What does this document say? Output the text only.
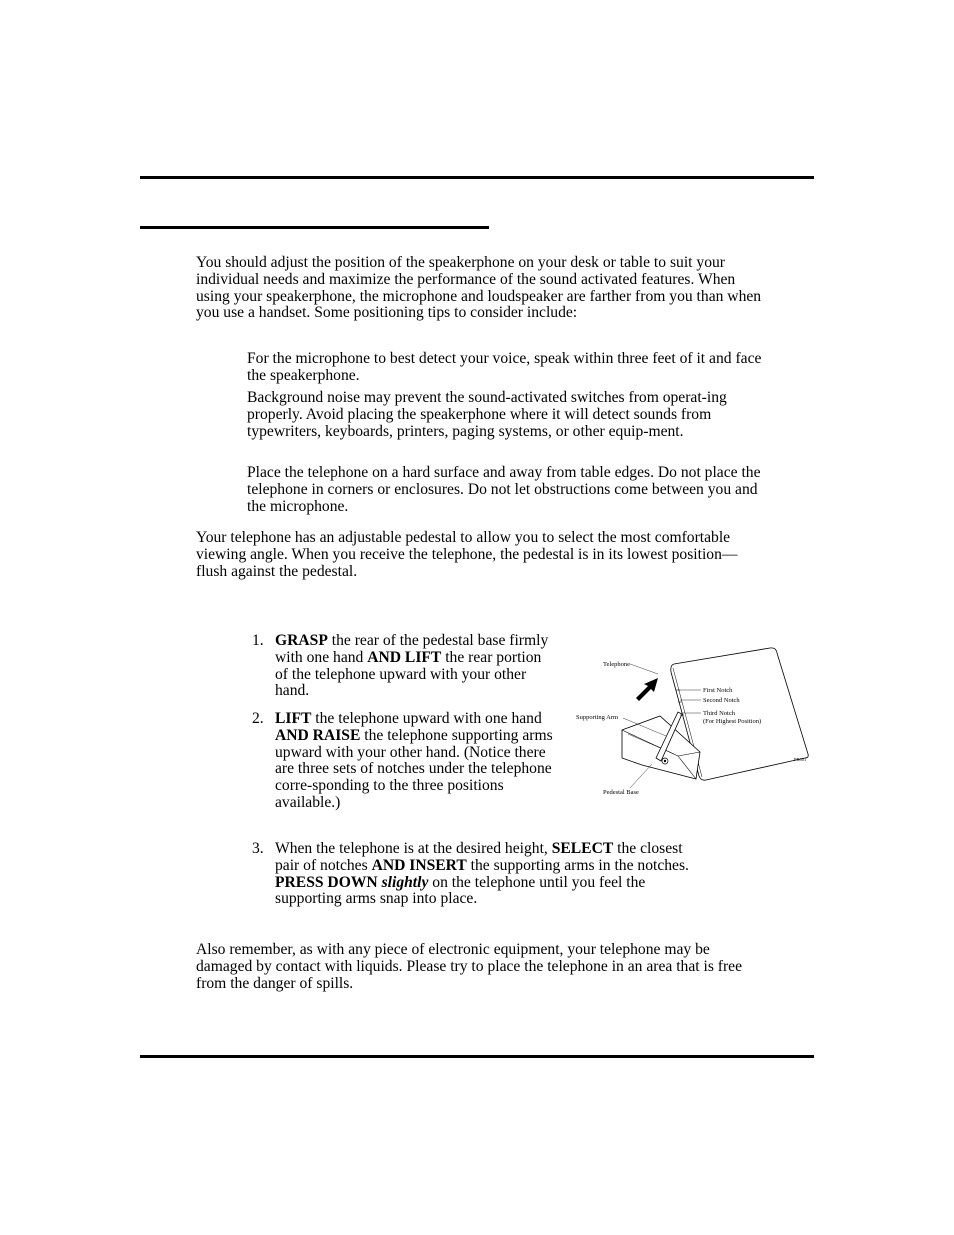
You should adjust the position of the speakerphone on your desk or table to suit your individual needs and maximize the performance of the sound activated features. When using your speakerphone, the microphone and loudspeaker are farther from you than when you use a handset. Some positioning tips to consider include:

For the microphone to best detect your voice, speak within three feet of it and face the speakerphone.

Background noise may prevent the sound-activated switches from operat-ing properly. Avoid placing the speakerphone where it will detect sounds from typewriters, keyboards, printers, paging systems, or other equip-ment.

Place the telephone on a hard surface and away from table edges. Do not place the telephone in corners or enclosures. Do not let obstructions come between you and the microphone.

Your telephone has an adjustable pedestal to allow you to select the most comfortable viewing angle. When you receive the telephone, the pedestal is in its lowest position—flush against the pedestal.

1. GRASP the rear of the pedestal base firmly with one hand AND LIFT the rear portion of the telephone upward with your other hand.
2. LIFT the telephone upward with one hand AND RAISE the telephone supporting arms upward with your other hand. (Notice there are three sets of notches under the telephone corre-sponding to the three positions available.)
3. When the telephone is at the desired height, SELECT the closest pair of notches AND INSERT the supporting arms in the notches. PRESS DOWN slightly on the telephone until you feel the supporting arms snap into place.
Telephone
First Notch
Second Notch
Third Notch
(For Highest Position)
Supporting Arm
Pedestal Base
PB001

Also remember, as with any piece of electronic equipment, your telephone may be damaged by contact with liquids. Please try to place the telephone in an area that is free from the danger of spills.
